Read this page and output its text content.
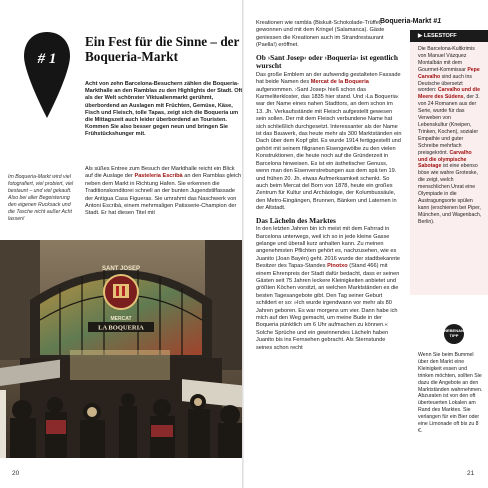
# 1
Ein Fest für die Sinne – der Boqueria-Markt
Acht von zehn Barcelona-Besuchern zählen die Boqueria-Markthalle an den Ramblas zu den Highlights der Stadt. Oft als der Welt schönster Viktualienmarkt gerühmt, überbordend an Auslagen mit Früchten, Gemüse, Käse, Fisch und Fleisch, tolle Tapas, zeigt sich die Boqueria um die Mittagszeit auch leider überbordend an Touristen. Kommen Sie also besser gegen neun und bringen Sie Frühstückshunger mit.
Als süßes Entree zum Besuch der Markthalle reicht ein Blick auf die Auslage der Pastelería Escribà an den Ramblas gleich neben dem Markt in Richtung Hafen. Sie erkennen die Traditionskonditorei schnell an der bunten Jugendstilfassade der Antigua Casa Figueras. Sie umrahmt das Naschwerk von Antoni Escribà, einem mehrmaligen Patisserie-Champion der Stadt. Er hat diesen Titel mit
Im Boqueria-Markt wird viel fotografiert, viel probiert, viel bestaunt – und viel gekauft. Also bei aller Begeisterung den eigenen Rucksack und die Tasche nicht außer Acht lassen!
SANT JOSEP
MERCAT
LA BOQUERIA
20
Boqueria-Markt #1
Kreationen wie rambla (Biskuit-Schokolade-Trüffel) gewonnen und mit dem Kringel (Salamanca). Gäste geniessen die Kreationen auch im Strandrestaurant (Paella!) eröffnet.
Ob ›Sant Josep‹ oder ›Boqueria‹ ist egentlich wurscht
Das große Emblem an der aufwendig gestalteten Fassade hat beide Namen des Mercat de la Boqueria aufgenommen. ›Sant Josep‹ hieß schon das Karmeliterkloster, das 1835 hier stand. Und ›La Boqueria‹ war der Name eines nahen Stadttors, an dem schon im 13. Jh. Verkaufsstände mit Fleisch aufgestellt gewesen sein sollen. Der mit dem Fleisch verbundene Name hat sich schließlich durchgesetzt. Interessanter als der Name ist das Bauwerk, das heute mehr als 300 Marktständen ein Dach über dem Kopf gibt. Es wurde 1914 fertiggestellt und gehört mit seinem filigranen Eisengewölbe zu den vielen Konstruktionen, die heute noch auf die Gründerzeit in Barcelona hinweisen. Es ist ein ästhetischer Genuss, wenn man den Eisenverstrebungen aus dem spä ten 19. und frühen 20. Jh. etwas Aufmerksamkeit schenkt. So auch beim Mercat del Born von 1878, heute ein großes Zentrum für Kultur und Archäologie, der Kolumbussäule, den Metro-Eingängen, Brunnen, Bänken und Laternen in der Altstadt.
Das Lächeln des Marktes
In den letzten Jahren bin ich meist mit dem Fahrrad in Barcelona unterwegs, weil ich so in jede kleine Gasse gelange und überall kurz anhalten kann. Zu meinen angenehmsten Pflichten gehört es, nachzusehen, wie es Juanito (Joan Bayén) geht. 2016 wurde der stadtbekannte Besitzer des Tapas-Standes Pinotxo (Stand 466) mit einem Ehrenpreis der Stadt dafür bedacht, dass er seinen Gästen seit 75 Jahren leckere Kleinigkeiten anbietet und größten Köchen vorsitzt, an welchen Marktständen es die besten Tagesangebote gibt. Den Tag seiner Geburt schildert er so: »Ich wurde irgendwann vor mehr als 80 Jahren geboren. Es war morgens um vier. Dann habe ich mich auf den Weg gemacht, um meine Bude in der Boqueria pünktlich um 6 Uhr aufmachen zu können.« Solche Sprüche und ein gewinnendes Lächeln haben Juanito bis ins Fernsehen gebracht. Als Sternstunde seines schon recht
▶ LESESTOFF
Die Barcelona-Kultkrimis von Manuel Vázquez Montalbán mit dem Gourmet-Kommissar Pepe Carvalho sind auch ins Deutsche übersetzt worden: Carvalho und die Meere des Südens, der 3. von 24 Romanen aus der Serie, wurde für das Verweben von Lebenskultur (Kneipen, Trinken, Kochen), sozialer Empathie und guter Schreibe mehrfach preisgekrönt. Carvalho und die olympische Sabotage ist eine ebenso böse wie wahre Groteske, die zeigt, welch menschlichen Unrat eine Olympiade in die Austragungsorte spülen kann (erschienen bei Piper, München, und Wagenbach, Berlin).
NEBENAN TIPP
Wenn Sie beim Bummel über den Markt eine Kleinigkeit essen und trinken möchten, sollten Sie dazu die Angebote an den Marktständen wahrnehmen. Abzuraten ist von den oft überteuerten Lokalen am Rand des Marktes. Sie verlangen für ein Bier oder eine Limonade oft bis zu 8 €.
21
